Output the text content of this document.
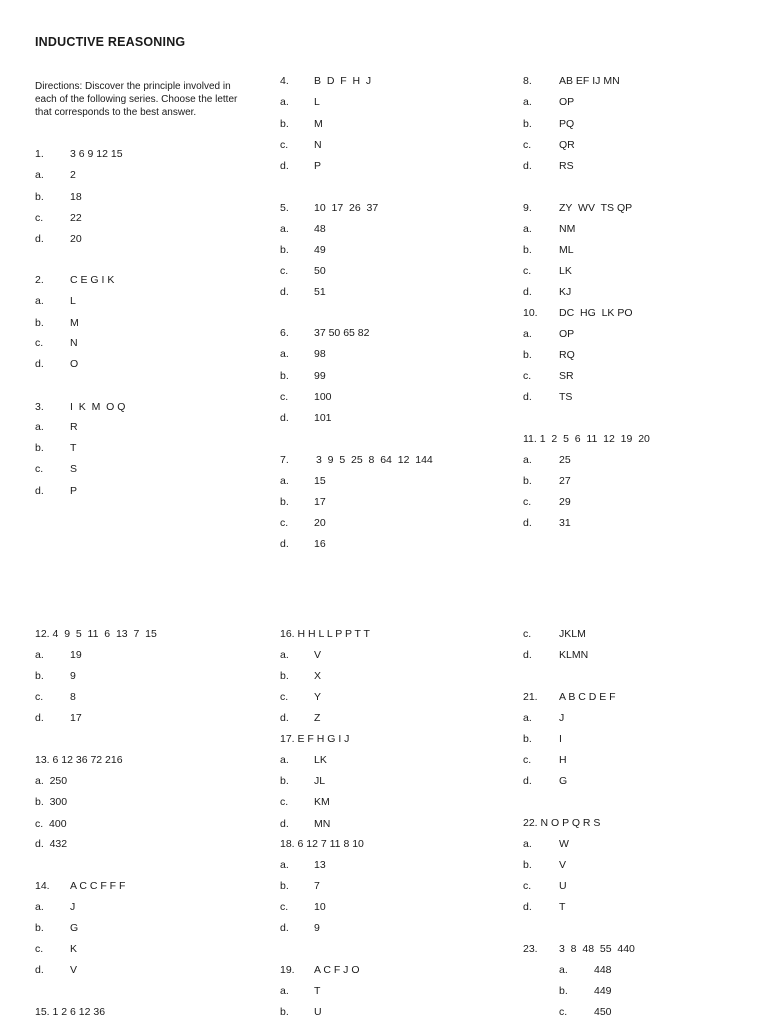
INDUCTIVE REASONING
Directions: Discover the principle involved in each of the following series. Choose the letter that corresponds to the best answer.
1. 3 6 9 12 15
a. 2
b. 18
c.	22
d. 20
2. C E G I K
a. L
b. M
c.	N
d. O
3. I  K  M  O Q
a. R
b. T
c.	S
d. P
4. B  D  F  H  J
a. L
b. M
c. N
d. P
5. 10  17  26  37
a. 48
b. 49
c. 50
d. 51
6. 37 50 65 82
a. 98
b. 99
c. 100
d. 101
7.	3  9  5  25  8  64  12  144
a. 15
b. 17
c. 20
d. 16
8.	AB EF IJ MN
a.	OP
b.	PQ
c.	QR
d.	RS
9.	ZY  WV  TS QP
a.	NM
b.	ML
c.	LK
d.	KJ
10. DC  HG  LK PO
a.	OP
b.	RQ
c.	SR
d.	TS
11. 1  2  5  6  11  12  19  20
a.	25
b.	27
c.	29
d.	31
12. 4  9  5  11  6  13  7  15
a. 19
b. 9
c.	8
d. 17
13. 6 12 36 72 216
a.  250
b.  300
c.  400
d.  432
14. A C C F F F
a. J
b. G
c.	K
d. V
15. 1 2 6 12 36
16. H H L L P P T T
a. V
b. X
c. Y
d. Z
17. E F H G I J
a. LK
b. JL
c. KM
d. MN
18. 6 12 7 11 8 10
a. 13
b. 7
c. 10
d. 9
19. A C F J O
a. T
b. U
c.	JKLM
d.	KLMN
21. A B C D E F
a.	J
b.	I
c.	H
d.	G
22. N O P Q R S
a.	W
b.	V
c.	U
d.	T
23. 3  8  48  55  440
a. 448
b. 449
c.	450
